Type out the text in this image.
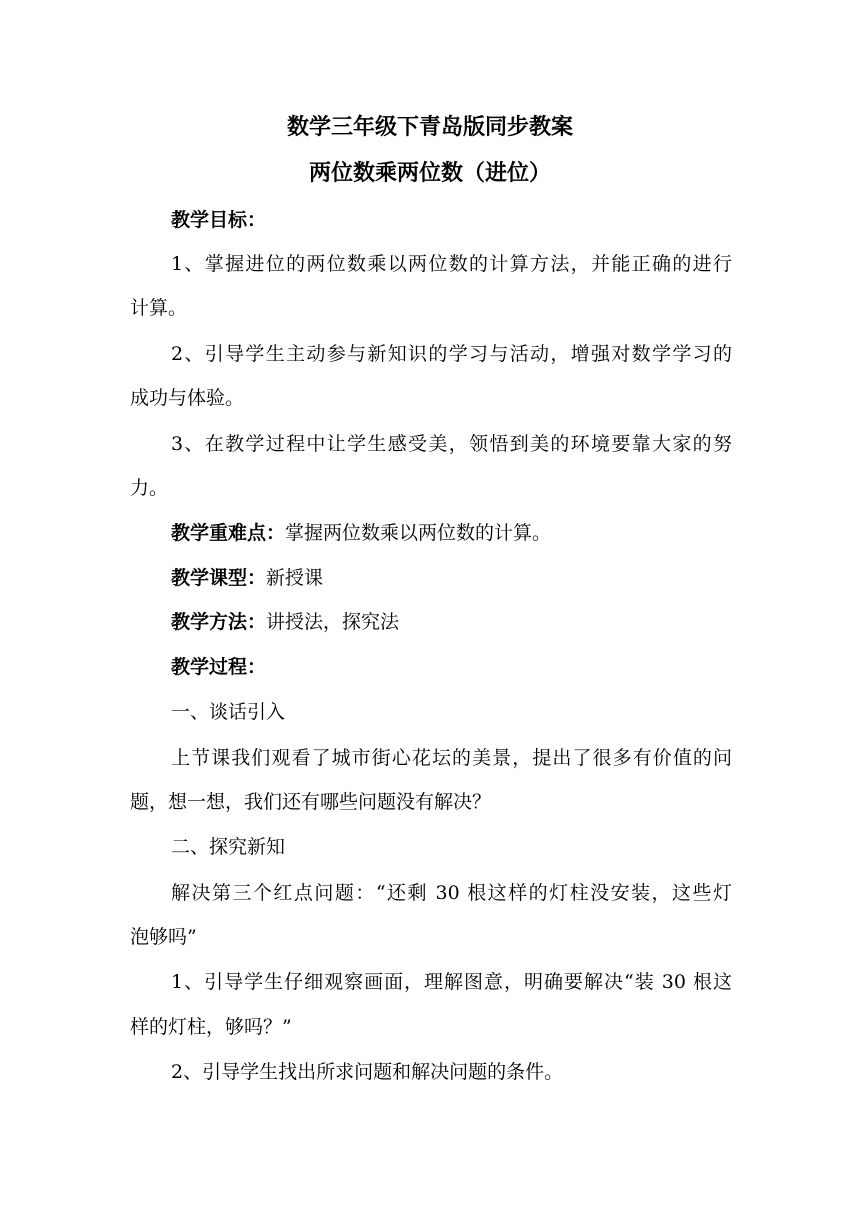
数学三年级下青岛版同步教案
两位数乘两位数（进位）

教学目标：

1、掌握进位的两位数乘以两位数的计算方法，并能正确的进行

计算。

2、引导学生主动参与新知识的学习与活动，增强对数学学习的

成功与体验。

3、在教学过程中让学生感受美，领悟到美的环境要靠大家的努

力。

教学重难点：掌握两位数乘以两位数的计算。

教学课型：新授课

教学方法：讲授法，探究法

教学过程：

一、谈话引入

上节课我们观看了城市街心花坛的美景，提出了很多有价值的问

题，想一想，我们还有哪些问题没有解决？

二、探究新知

解决第三个红点问题：“还剩 30 根这样的灯柱没安装，这些灯

泡够吗”

1、引导学生仔细观察画面，理解图意，明确要解决“装 30 根这

样的灯柱，够吗？”

2、引导学生找出所求问题和解决问题的条件。
